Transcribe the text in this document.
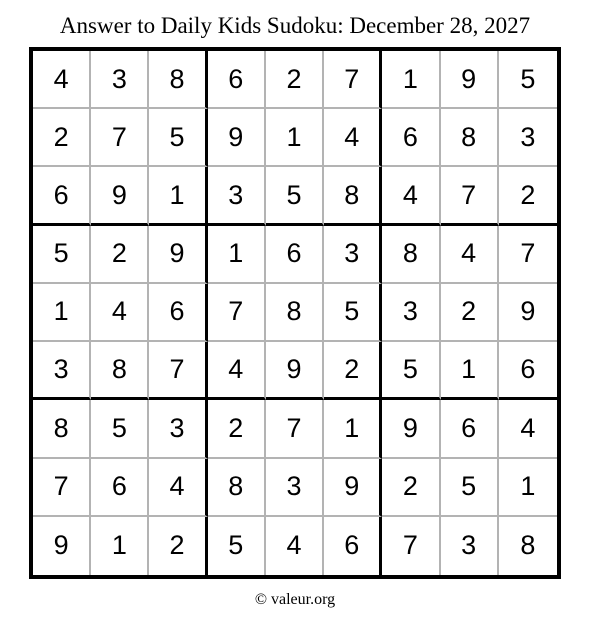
Answer to Daily Kids Sudoku: December 28, 2027
4	3	8	6	2	7	1	9	5
2	7	5	9	1	4	6	8	3
6	9	1	3	5	8	4	7	2
5	2	9	1	6	3	8	4	7
1	4	6	7	8	5	3	2	9
3	8	7	4	9	2	5	1	6
8	5	3	2	7	1	9	6	4
7	6	4	8	3	9	2	5	1
9	1	2	5	4	6	7	3	8
© valeur.org
